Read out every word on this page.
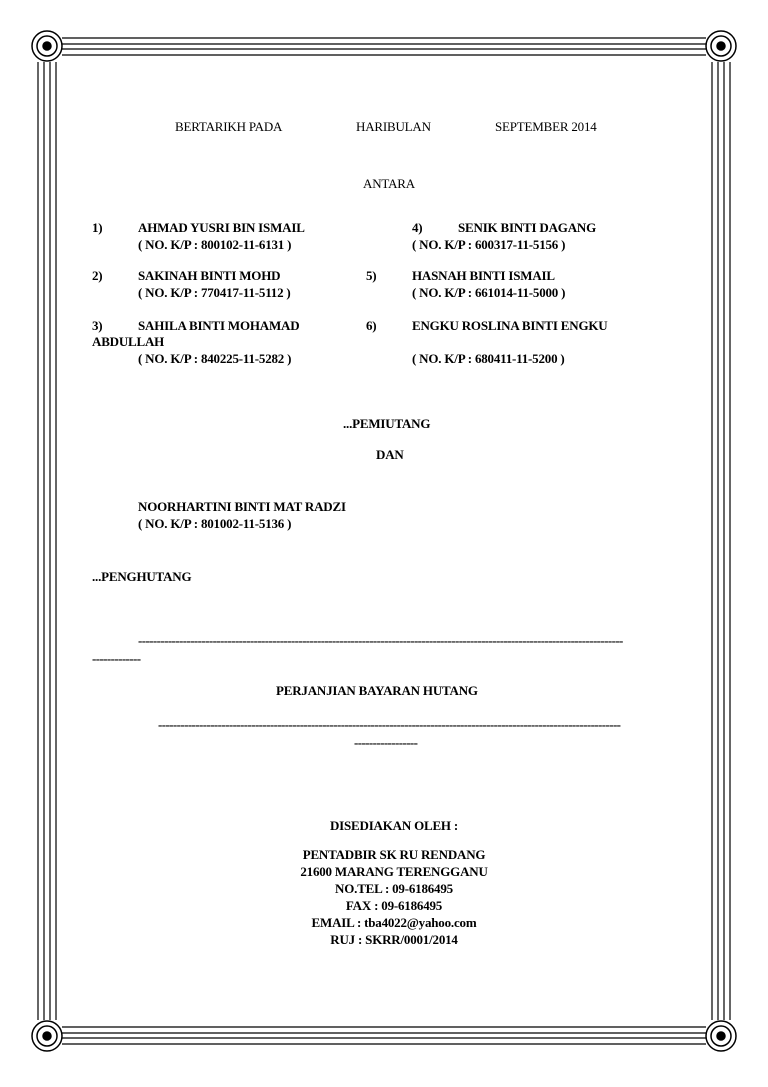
BERTARIKH PADA	HARIBULAN	SEPTEMBER 2014
ANTARA
1)	AHMAD YUSRI BIN ISMAIL
( NO. K/P : 800102-11-6131 )
2)	SAKINAH BINTI MOHD
( NO. K/P : 770417-11-5112 )
3)	SAHILA BINTI MOHAMAD
ABDULLAH
( NO. K/P : 840225-11-5282 )
4)	SENIK BINTI DAGANG
( NO. K/P : 600317-11-5156 )
5)	HASNAH BINTI ISMAIL
( NO. K/P : 661014-11-5000 )
6)	ENGKU ROSLINA BINTI ENGKU
( NO. K/P : 680411-11-5200 )
...PEMIUTANG
DAN
NOORHARTINI BINTI MAT RADZI
( NO. K/P : 801002-11-5136 )
...PENGHUTANG
----------------------------------------------------------------------------------------------------------------------------------
-------------
PERJANJIAN BAYARAN HUTANG
----------------------------------------------------------------------------------------------------------------------------
-----------------
DISEDIAKAN OLEH :
PENTADBIR SK RU RENDANG
21600 MARANG TERENGGANU
NO.TEL : 09-6186495
FAX : 09-6186495
EMAIL : tba4022@yahoo.com
RUJ : SKRR/0001/2014
